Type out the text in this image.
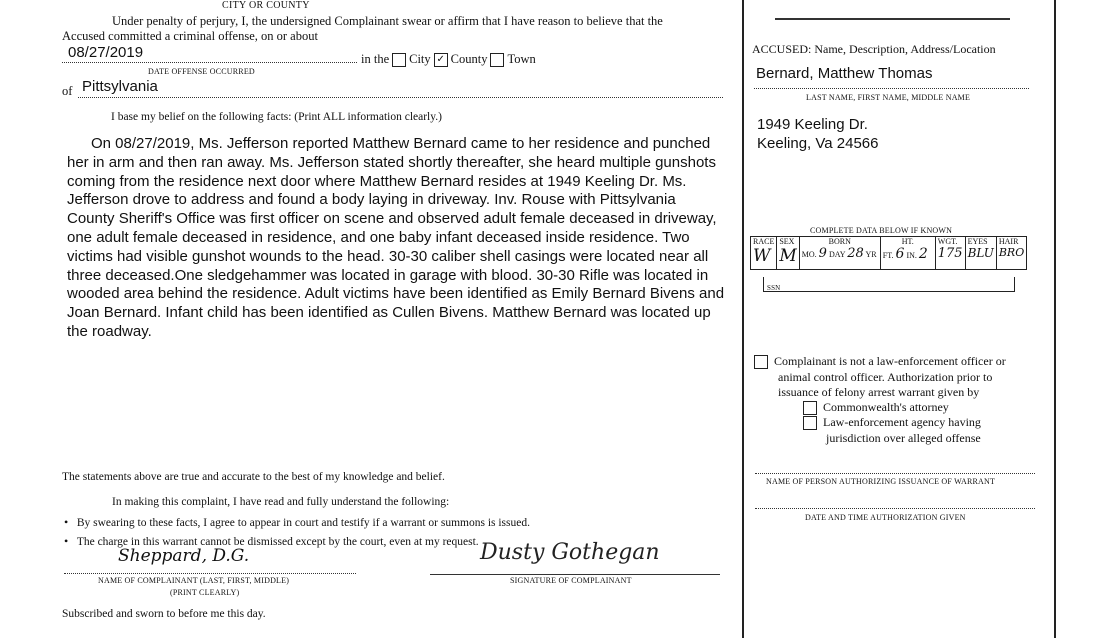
CITY OR COUNTY
Under penalty of perjury, I, the undersigned Complainant swear or affirm that I have reason to believe that the
Accused committed a criminal offense, on or about
08/27/2019
DATE OFFENSE OCCURRED
in the City ✓ County Town
of Pittsylvania
I base my belief on the following facts: (Print ALL information clearly.)
On 08/27/2019, Ms. Jefferson reported Matthew Bernard came to her residence and punched her in arm and then ran away. Ms. Jefferson stated shortly thereafter, she heard multiple gunshots coming from the residence next door where Matthew Bernard resides at 1949 Keeling Dr. Ms. Jefferson drove to address and found a body laying in driveway. Inv. Rouse with Pittsylvania County Sheriff's Office was first officer on scene and observed adult female deceased in driveway, one adult female deceased in residence, and one baby infant deceased inside residence. Two victims had visible gunshot wounds to the head. 30-30 caliber shell casings were located near all three deceased.One sledgehammer was located in garage with blood. 30-30 Rifle was located in wooded area behind the residence. Adult victims have been identified as Emily Bernard Bivens and Joan Bernard. Infant child has been identified as Cullen Bivens. Matthew Bernard was located up the roadway.
The statements above are true and accurate to the best of my knowledge and belief.
In making this complaint, I have read and fully understand the following:
• By swearing to these facts, I agree to appear in court and testify if a warrant or summons is issued.
• The charge in this warrant cannot be dismissed except by the court, even at my request.
Sheppard, D.G.
NAME OF COMPLAINANT (LAST, FIRST, MIDDLE)
(PRINT CLEARLY)
Dusty Gothegan
SIGNATURE OF COMPLAINANT
Subscribed and sworn to before me this day.
ACCUSED: Name, Description, Address/Location
Bernard, Matthew Thomas
LAST NAME, FIRST NAME, MIDDLE NAME
1949 Keeling Dr.
Keeling, Va 24566
COMPLETE DATA BELOW IF KNOWN
RACE
W

SEX
M

BORN
MO. 9 DAY 28 YR	
HT.
FT. 6 IN. 2	
WGT.
175

EYES
BLU

HAIR
BRO
SSN
Complainant is not a law-enforcement officer or
animal control officer. Authorization prior to
issuance of felony arrest warrant given by
Commonwealth's attorney
Law-enforcement agency having
jurisdiction over alleged offense
NAME OF PERSON AUTHORIZING ISSUANCE OF WARRANT
DATE AND TIME AUTHORIZATION GIVEN
